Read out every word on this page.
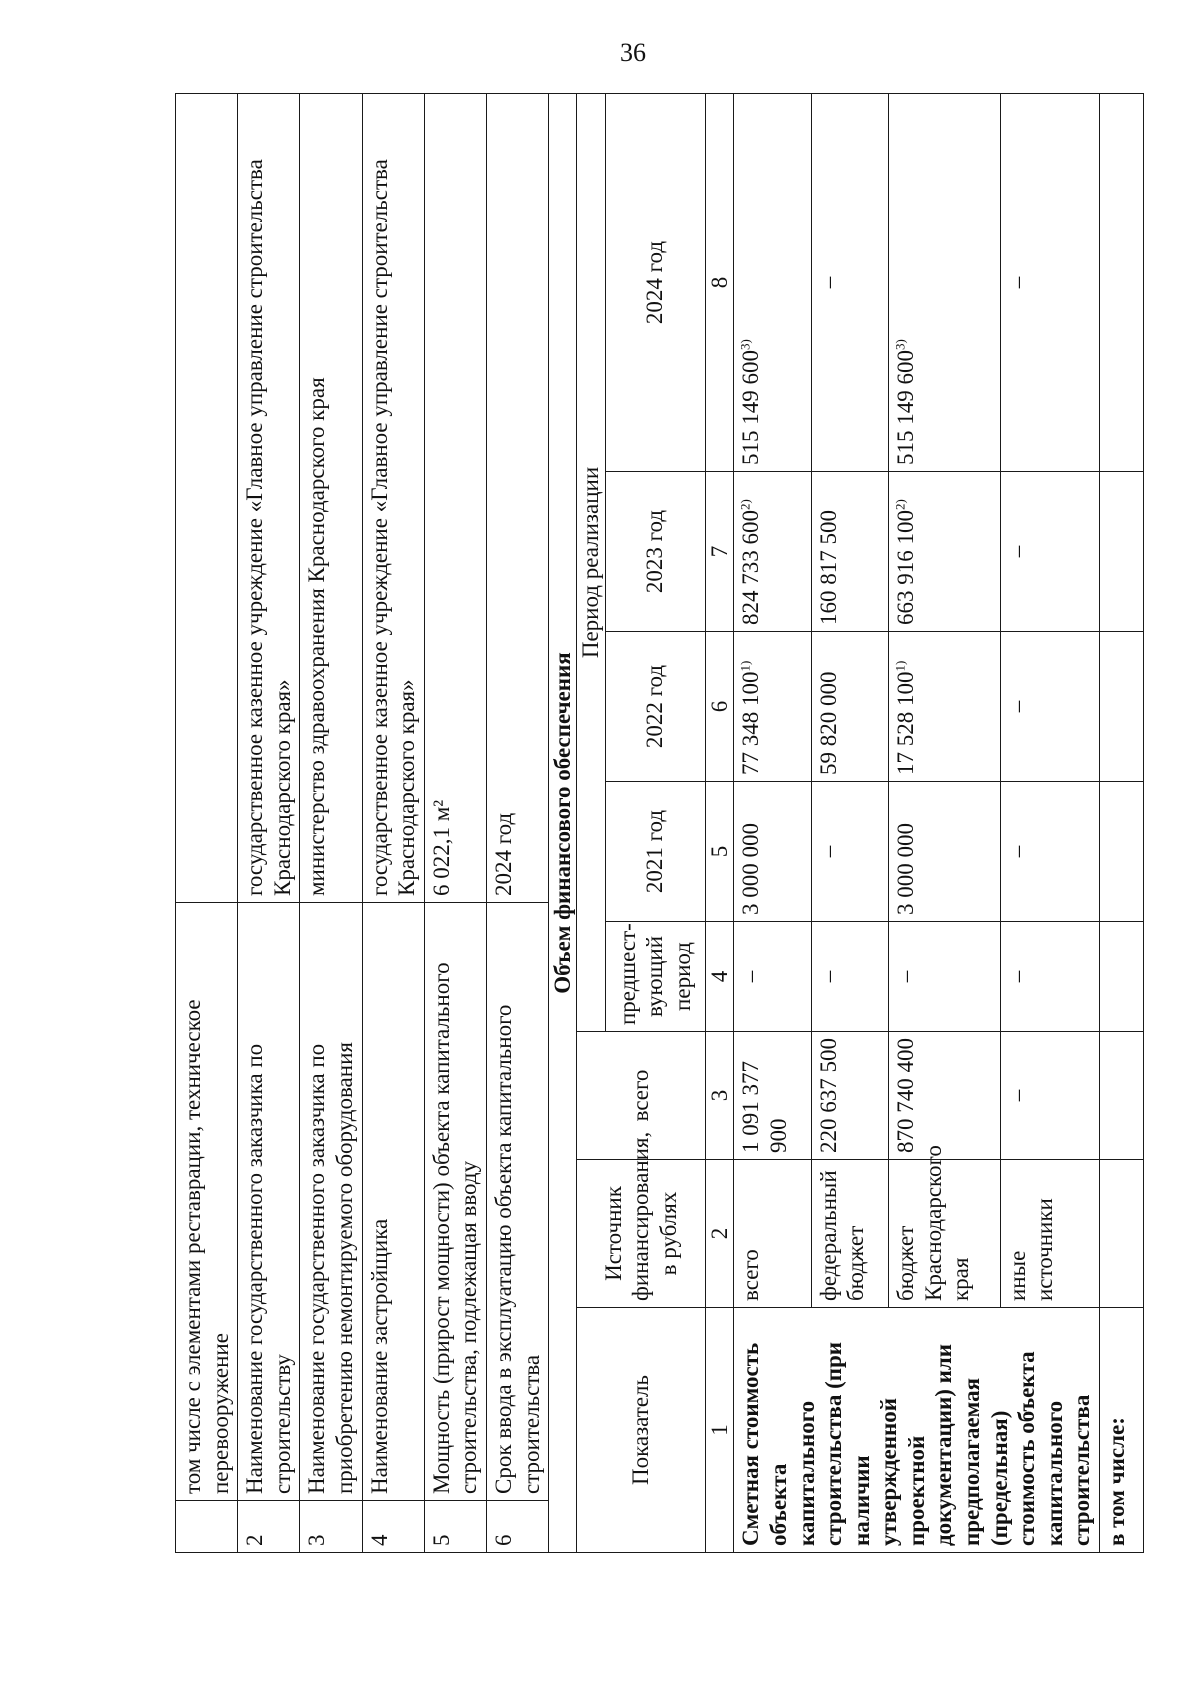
36
	том числе с элементами реставрации, техническое перевооружение	
2	Наименование государственного заказчика по строительству	государственное казенное учреждение «Главное управление строительства Краснодарского края»
3	Наименование государственного заказчика по приобретению немонтируемого оборудования	министерство здравоохранения Краснодарского края
4	Наименование застройщика	государственное казенное учреждение «Главное управление строительства Краснодарского края»
5	Мощность (прирост мощности) объекта капитального строительства, подлежащая вводу	6 022,1 м²
6	Срок ввода в эксплуатацию объекта капитального строительства	2024 год Объем финансового обеспечения							
Показатель	Источник финансирования, в рублях	всего	Период реализации				
			предшест-вующий период	2021 год	2022 год	2023 год	2024 год
1	2	3	4	5	6	7	8
Сметная стоимость объекта капитального строительства (при наличии утвержденной проектной документации) или предполагаемая (предельная) стоимость объекта капитального строительства	всего	1 091 377 900	–	3 000 000	77 348 100$^{1)}$	824 733 600$^{2)}$	515 149 600$^{3)}$
	федеральный бюджет	220 637 500	–	–	59 820 000	160 817 500	–
	бюджет Краснодарского края	870 740 400	–	3 000 000	17 528 100$^{1)}$	663 916 100$^{2)}$	515 149 600$^{3)}$
	иные источники	–	–	–	–	–	–
в том числе:							
